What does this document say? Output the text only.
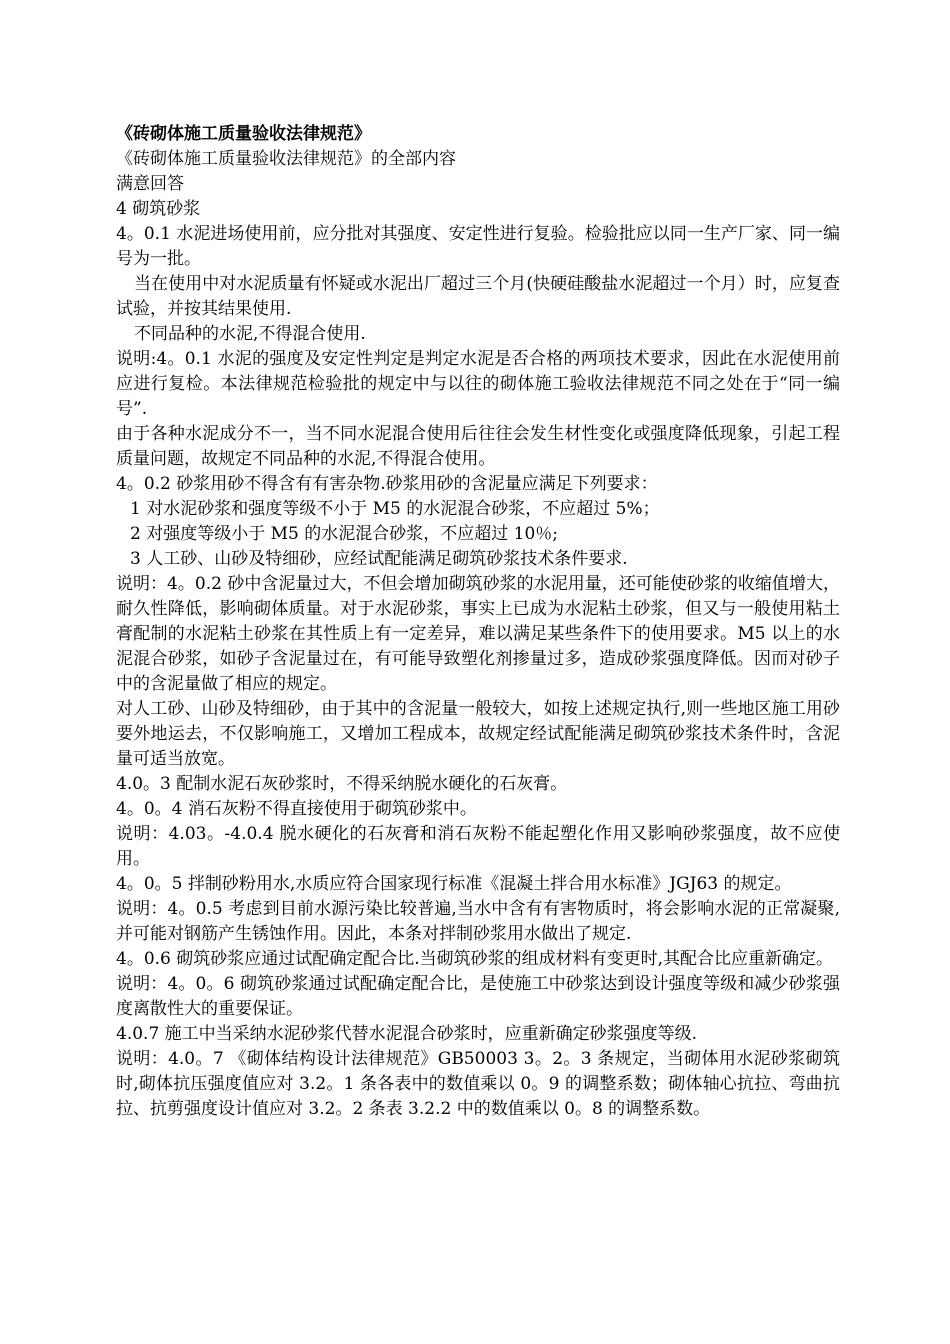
《砖砌体施工质量验收法律规范》

《砖砌体施工质量验收法律规范》的全部内容

满意回答

4 砌筑砂浆

4。0.1 水泥进场使用前，应分批对其强度、安定性进行复验。检验批应以同一生产厂家、同一编号为一批。

当在使用中对水泥质量有怀疑或水泥出厂超过三个月(快硬硅酸盐水泥超过一个月）时，应复查试验，并按其结果使用.

不同品种的水泥,不得混合使用.

说明:4。0.1 水泥的强度及安定性判定是判定水泥是否合格的两项技术要求，因此在水泥使用前应进行复检。本法律规范检验批的规定中与以往的砌体施工验收法律规范不同之处在于“同一编号”.

由于各种水泥成分不一，当不同水泥混合使用后往往会发生材性变化或强度降低现象，引起工程质量问题，故规定不同品种的水泥,不得混合使用。

4。0.2 砂浆用砂不得含有有害杂物.砂浆用砂的含泥量应满足下列要求：

1 对水泥砂浆和强度等级不小于 M5 的水泥混合砂浆，不应超过 5%；

2 对强度等级小于 M5 的水泥混合砂浆，不应超过 10％;

3 人工砂、山砂及特细砂，应经试配能满足砌筑砂浆技术条件要求.

说明：4。0.2 砂中含泥量过大，不但会增加砌筑砂浆的水泥用量，还可能使砂浆的收缩值增大，耐久性降低，影响砌体质量。对于水泥砂浆，事实上已成为水泥粘土砂浆，但又与一般使用粘土膏配制的水泥粘土砂浆在其性质上有一定差异，难以满足某些条件下的使用要求。M5 以上的水泥混合砂浆，如砂子含泥量过在，有可能导致塑化剂掺量过多，造成砂浆强度降低。因而对砂子中的含泥量做了相应的规定。

对人工砂、山砂及特细砂，由于其中的含泥量一般较大，如按上述规定执行,则一些地区施工用砂要外地运去，不仅影响施工，又增加工程成本，故规定经试配能满足砌筑砂浆技术条件时，含泥量可适当放宽。

4.0。3 配制水泥石灰砂浆时，不得采纳脱水硬化的石灰膏。

4。0。4 消石灰粉不得直接使用于砌筑砂浆中。

说明：4.03。-4.0.4 脱水硬化的石灰膏和消石灰粉不能起塑化作用又影响砂浆强度，故不应使用。

4。0。5 拌制砂粉用水,水质应符合国家现行标准《混凝土拌合用水标准》JGJ63 的规定。

说明：4。0.5 考虑到目前水源污染比较普遍,当水中含有有害物质时，将会影响水泥的正常凝聚,并可能对钢筋产生锈蚀作用。因此，本条对拌制砂浆用水做出了规定.

4。0.6 砌筑砂浆应通过试配确定配合比.当砌筑砂浆的组成材料有变更时,其配合比应重新确定。

说明：4。0。6 砌筑砂浆通过试配确定配合比，是使施工中砂浆达到设计强度等级和减少砂浆强度离散性大的重要保证。

4.0.7 施工中当采纳水泥砂浆代替水泥混合砂浆时，应重新确定砂浆强度等级.

说明：4.0。7 《砌体结构设计法律规范》GB50003 3。2。3 条规定，当砌体用水泥砂浆砌筑时,砌体抗压强度值应对 3.2。1 条各表中的数值乘以 0。9 的调整系数；砌体轴心抗拉、弯曲抗拉、抗剪强度设计值应对 3.2。2 条表 3.2.2 中的数值乘以 0。8 的调整系数。
